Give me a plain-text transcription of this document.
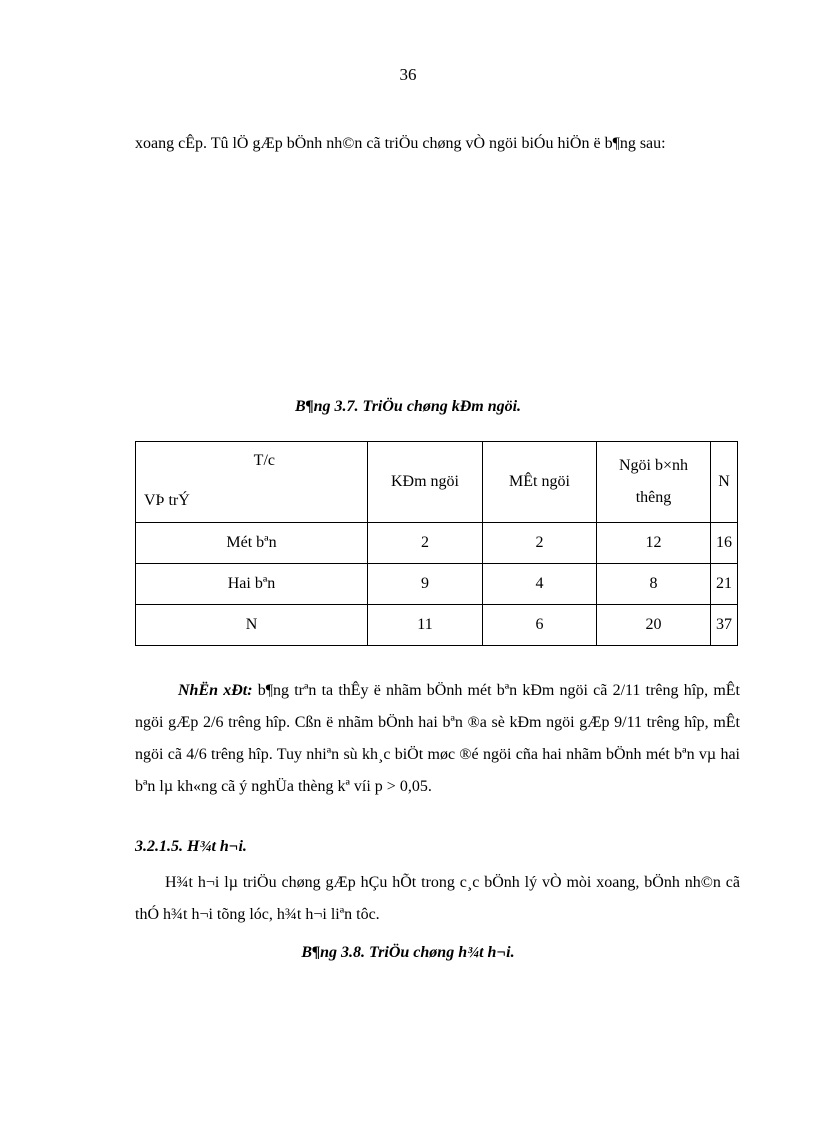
36

xoang cÊp. Tû lÖ gÆp bÖnh nh©n cã triÖu chøng vÒ ngöi biÓu hiÖn ë b¶ng sau:

B¶ng 3.7. TriÖu chøng kÐm ngöi.
T/c
VÞ trÝ	KÐm ngöi	MÊt ngöi	Ngöi b×nh thêng	N
Mét bªn	2	2	12	16
Hai bªn	9	4	8	21
N	11	6	20	37

NhËn xÐt: b¶ng trªn ta thÊy ë nhãm bÖnh mét bªn kÐm ngöi cã 2/11 trêng hîp, mÊt ngöi gÆp 2/6 trêng hîp. Cßn ë nhãm bÖnh hai bªn ®a sè kÐm ngöi gÆp 9/11 trêng hîp, mÊt ngöi cã 4/6 trêng hîp. Tuy nhiªn sù kh¸c biÖt møc ®é ngöi cña hai nhãm bÖnh mét bªn vµ hai bªn lµ kh«ng cã ý nghÜa thèng kª víi p > 0,05.

3.2.1.5. H¾t h¬i.

H¾t h¬i lµ triÖu chøng gÆp hÇu hÕt trong c¸c bÖnh lý vÒ mòi xoang, bÖnh nh©n cã thÓ h¾t h¬i tõng lóc, h¾t h¬i liªn tôc.

B¶ng 3.8. TriÖu chøng h¾t h¬i.
